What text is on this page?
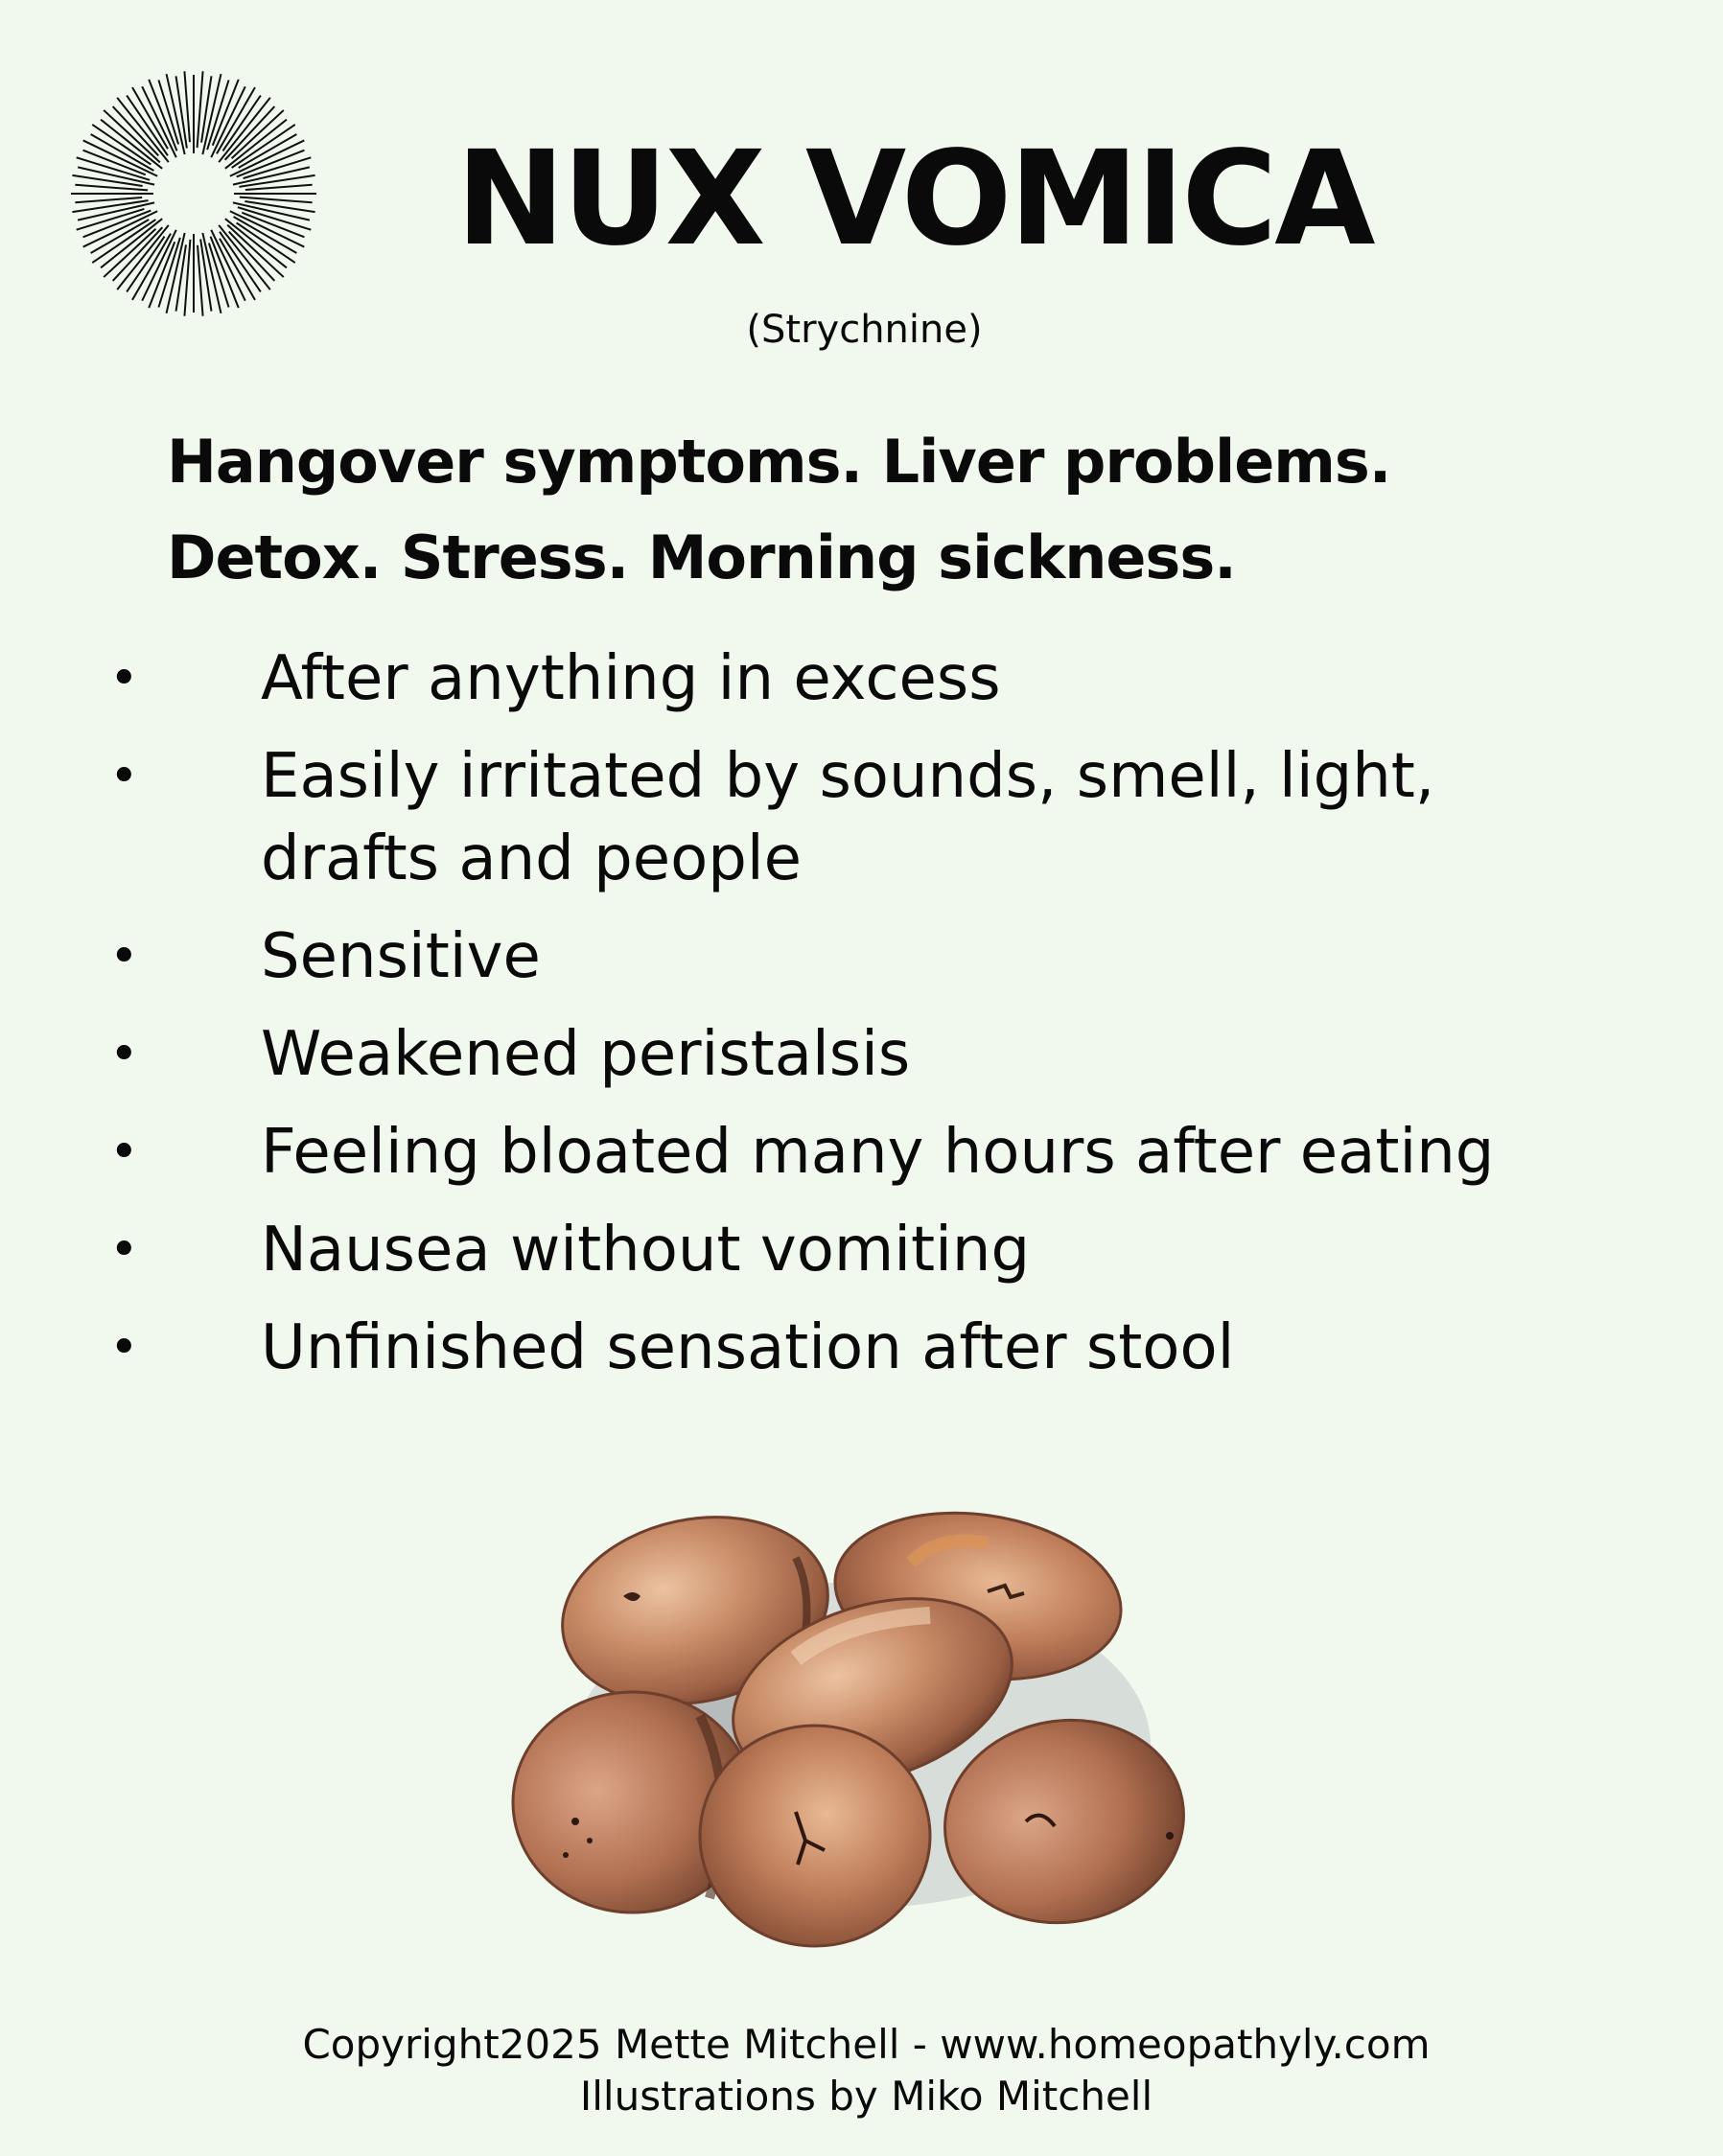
NUX VOMICA
(Strychnine)
Hangover symptoms. Liver problems.
Detox. Stress. Morning sickness.
• After anything in excess
• Easily irritated by sounds, smell, light,
drafts and people
• Sensitive
• Weakened peristalsis
• Feeling bloated many hours after eating
• Nausea without vomiting
• Unfinished sensation after stool
Copyright2025 Mette Mitchell - www.homeopathyly.com
Illustrations by Miko Mitchell
